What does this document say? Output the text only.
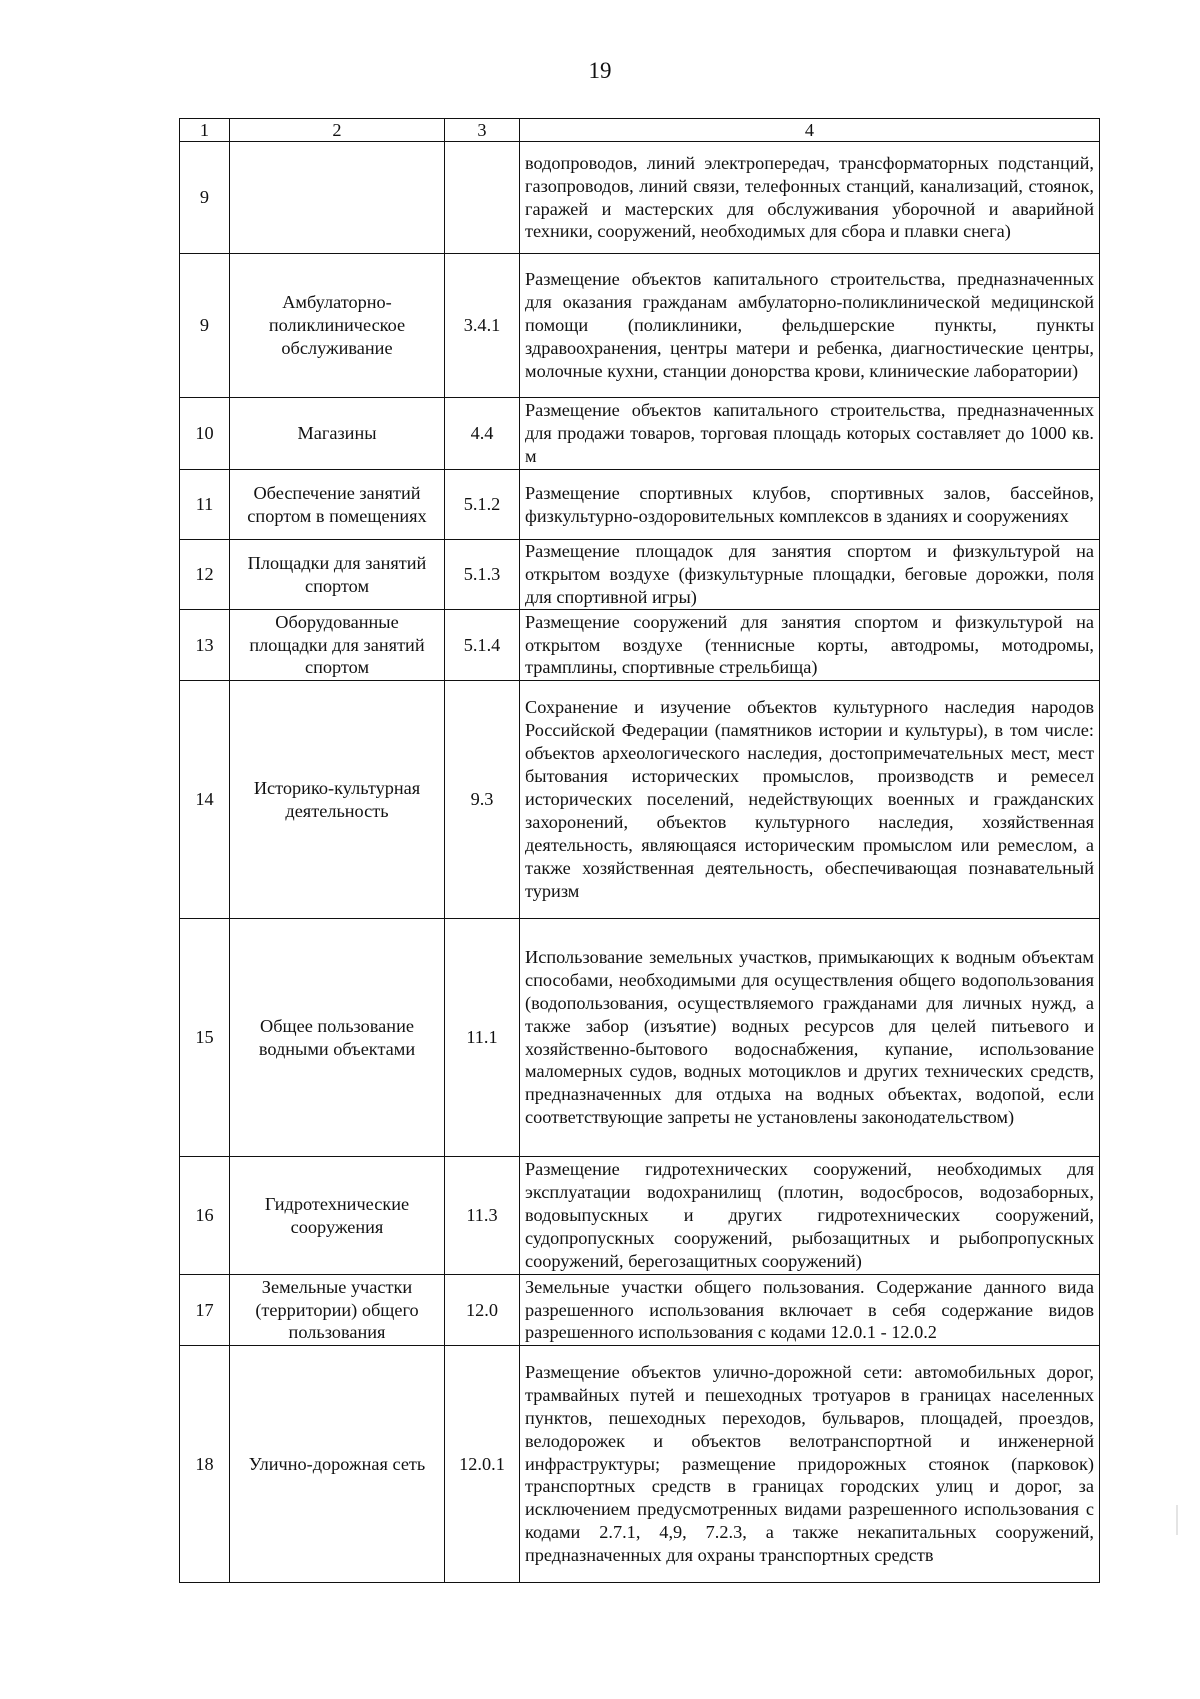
19
1	2	3	4
9			водопроводов, линий электропередач, трансформаторных подстанций, газопроводов, линий связи, телефонных станций, канализаций, стоянок, гаражей и мастерских для обслуживания уборочной и аварийной техники, сооружений, необходимых для сбора и плавки снега)
9	Амбулаторно-поликлиническое обслуживание	3.4.1	Размещение объектов капитального строительства, предназначенных для оказания гражданам амбулаторно-поликлинической медицинской помощи (поликлиники, фельдшерские пункты, пункты здравоохранения, центры матери и ребенка, диагностические центры, молочные кухни, станции донорства крови, клинические лаборатории)
10	Магазины	4.4	Размещение объектов капитального строительства, предназначенных для продажи товаров, торговая площадь которых составляет до 1000 кв. м
11	Обеспечение занятий спортом в помещениях	5.1.2	Размещение спортивных клубов, спортивных залов, бассейнов, физкультурно-оздоровительных комплексов в зданиях и сооружениях
12	Площадки для занятий спортом	5.1.3	Размещение площадок для занятия спортом и физкультурой на открытом воздухе (физкультурные площадки, беговые дорожки, поля для спортивной игры)
13	Оборудованные площадки для занятий спортом	5.1.4	Размещение сооружений для занятия спортом и физкультурой на открытом воздухе (теннисные корты, автодромы, мотодромы, трамплины, спортивные стрельбища)
14	Историко-культурная деятельность	9.3	Сохранение и изучение объектов культурного наследия народов Российской Федерации (памятников истории и культуры), в том числе: объектов археологического наследия, достопримечательных мест, мест бытования исторических промыслов, производств и ремесел исторических поселений, недействующих военных и гражданских захоронений, объектов культурного наследия, хозяйственная деятельность, являющаяся историческим промыслом или ремеслом, а также хозяйственная деятельность, обеспечивающая познавательный туризм
15	Общее пользование водными объектами	11.1	Использование земельных участков, примыкающих к водным объектам способами, необходимыми для осуществления общего водопользования (водопользования, осуществляемого гражданами для личных нужд, а также забор (изъятие) водных ресурсов для целей питьевого и хозяйственно-бытового водоснабжения, купание, использование маломерных судов, водных мотоциклов и других технических средств, предназначенных для отдыха на водных объектах, водопой, если соответствующие запреты не установлены законодательством)
16	Гидротехнические сооружения	11.3	Размещение гидротехнических сооружений, необходимых для эксплуатации водохранилищ (плотин, водосбросов, водозаборных, водовыпускных и других гидротехнических сооружений, судопропускных сооружений, рыбозащитных и рыбопропускных сооружений, берегозащитных сооружений)
17	Земельные участки (территории) общего пользования	12.0	Земельные участки общего пользования. Содержание данного вида разрешенного использования включает в себя содержание видов разрешенного использования с кодами 12.0.1 - 12.0.2
18	Улично-дорожная сеть	12.0.1	Размещение объектов улично-дорожной сети: автомобильных дорог, трамвайных путей и пешеходных тротуаров в границах населенных пунктов, пешеходных переходов, бульваров, площадей, проездов, велодорожек и объектов велотранспортной и инженерной инфраструктуры; размещение придорожных стоянок (парковок) транспортных средств в границах городских улиц и дорог, за исключением предусмотренных видами разрешенного использования с кодами 2.7.1, 4,9, 7.2.3, а также некапитальных сооружений, предназначенных для охраны транспортных средств
